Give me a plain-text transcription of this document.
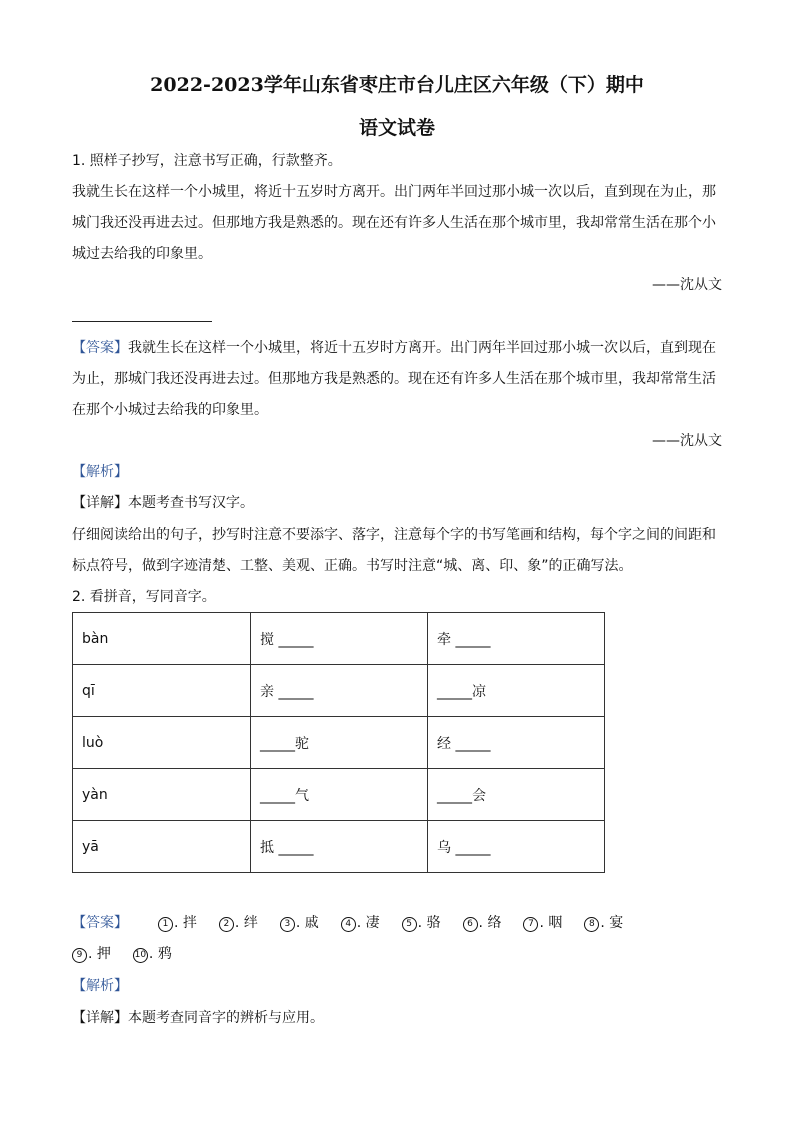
2022-2023学年山东省枣庄市台儿庄区六年级（下）期中
语文试卷
1. 照样子抄写，注意书写正确，行款整齐。
我就生长在这样一个小城里，将近十五岁时方离开。出门两年半回过那小城一次以后，直到现在为止，那
城门我还没再进去过。但那地方我是熟悉的。现在还有许多人生活在那个城市里，我却常常生活在那个小
城过去给我的印象里。
——沈从文
【答案】我就生长在这样一个小城里，将近十五岁时方离开。出门两年半回过那小城一次以后，直到现在
为止，那城门我还没再进去过。但那地方我是熟悉的。现在还有许多人生活在那个城市里，我却常常生活
在那个小城过去给我的印象里。
——沈从文
【解析】
【详解】本题考查书写汉字。
仔细阅读给出的句子，抄写时注意不要添字、落字，注意每个字的书写笔画和结构，每个字之间的间距和
标点符号，做到字迹清楚、工整、美观、正确。书写时注意“城、离、印、象”的正确写法。
2. 看拼音，写同音字。
bàn	搅 _____	牵 _____
qī	亲 _____	_____凉
luò	_____驼	经 _____
yàn	_____气	_____会
yā	抵 _____	乌 _____
【答案】	1 . 拌	2 . 绊	3 . 戚	4 . 凄	5 . 骆	6 . 络	7 . 咽	8 . 宴
9 . 押	10 . 鸦
【解析】
【详解】本题考查同音字的辨析与应用。
